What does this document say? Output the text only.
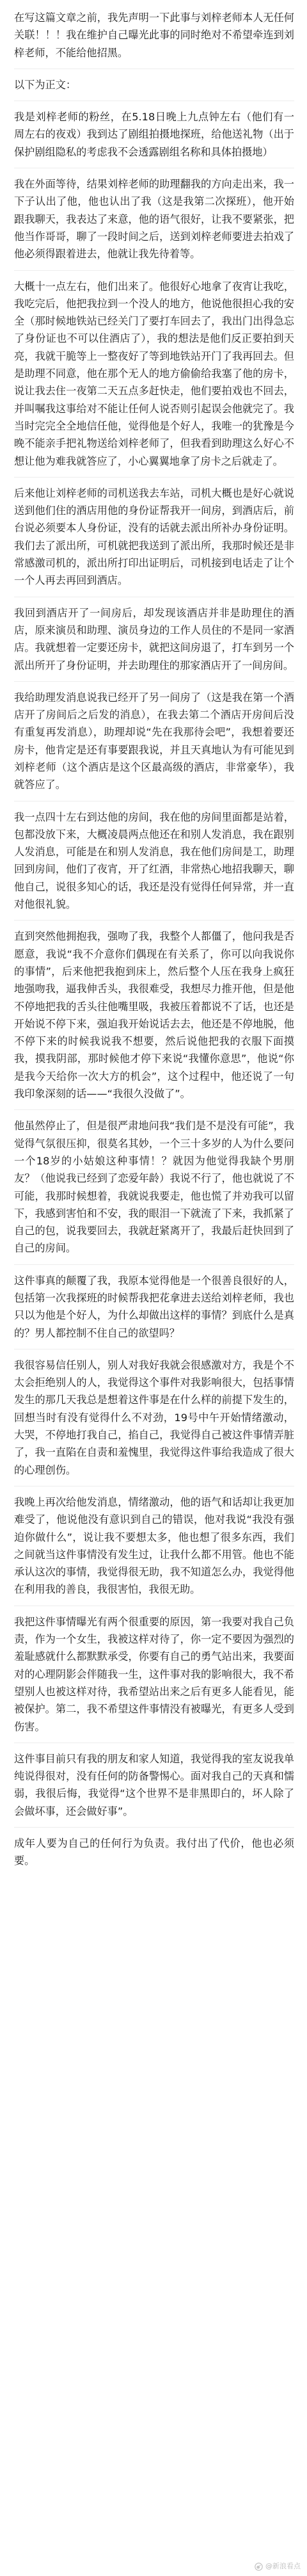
在写这篇文章之前，我先声明一下此事与刘梓老师本人无任何关联！！！我在维护自己曝光此事的同时绝对不希望牵连到刘梓老师，不能给他招黑。

以下为正文：

我是刘梓老师的粉丝，在5.18日晚上九点钟左右（他们有一周左右的夜戏）我到达了剧组拍摄地探班，给他送礼物（出于保护剧组隐私的考虑我不会透露剧组名称和具体拍摄地）

我在外面等待，结果刘梓老师的助理翻我的方向走出来，我一下子认出了他，他也认出了我（这是我第二次探班），他开始跟我聊天，我表达了来意，他的语气很好，让我不要紧张，把他当作哥哥，聊了一段时间之后，送到刘梓老师要进去拍戏了他必须得跟着进去，他就让我先待着等。

大概十一点左右，他们出来了。他很好心地拿了夜宵让我吃，我吃完后，他把我拉到一个没人的地方，他说他很担心我的安全（那时候地铁站已经关门了要打车回去了，我出门出得急忘了身份证也不可以住酒店了），我的想法是他们反正要拍到天亮，我就干脆等上一整夜好了等到地铁站开门了我再回去。但是助理不同意，他在那个无人的地方偷偷给我塞了他的房卡，说让我去住一夜第二天五点多赶快走，他们要拍戏也不回去，并叫嘱我这事给对不能让任何人说否则引起误会他就完了。我当时完完全全地信任他，觉得他是个好人，我唯一的犹豫是今晚不能亲手把礼物送给刘梓老师了，但我看到助理这么好心不想让他为难我就答应了，小心翼翼地拿了房卡之后就走了。

后来他让刘梓老师的司机送我去车站，司机大概也是好心就说送到他们住的酒店用他的身份证帮我开一间房，到酒店后，前台说必须要本人身份证，没有的话就去派出所补办身份证明。我们去了派出所，可机就把我送到了派出所，我那时候还是非常感激司机的，派出所打印出证明后，司机接到电话走了让个一个人再去再回到酒店。

我回到酒店开了一间房后，却发现该酒店并非是助理住的酒店，原来演员和助理、演员身边的工作人员住的不是同一家酒店。我就想着一定要还房卡，就把这间房退了，打车到另一个派出所开了身份证明，并去助理住的那家酒店开了一间房间。

我给助理发消息说我已经开了另一间房了（这是我在第一个酒店开了房间后之后发的消息），在我去第二个酒店开房间后没有重复再发消息），助理却说“先在我那待会吧”，我想着要还房卡，他肯定是还有事要跟我说，并且天真地认为有可能见到刘梓老师（这个酒店是这个区最高级的酒店，非常豪华），我就答应了。

我一点四十左右到达他的房间，我在他的房间里面都是站着，包都没放下来，大概凌晨两点他还在和别人发消息，我在跟别人发消息，可能是在和别人发消息，我在他们房间是工，助理回到房间，他们了夜宵，开了红酒，非常热心地招我聊天，聊他自己，说很多知心的话，我还是没有觉得任何异常，并一直对他很礼貌。

直到突然他拥抱我，强吻了我，我整个人都僵了，他问我是否愿意，我说“我不介意你们偶现在有关系了，你可以向我说你的事情”，后来他把我抱到床上，然后整个人压在我身上疯狂地强吻我，逼我伸舌头，我很难受，我想尽力推开他，但是他不停地把我的舌头往他嘴里吸，我被压着都说不了话，也还是开始说不停下来，强迫我开始说话去去，他还是不停地脱，他不停下来的时候我说我不想要，然后说他把我的衣服下面摸我，摸我阴部，那时候他才停下来说“我懂你意思”，他说“你是我今天给你一次大方的机会”，这个过程中，他还说了一句我印象深刻的话——“我很久没做了”。

他虽然停止了，但是很严肃地问我“我们是不是没有可能”，我觉得气氛很压抑，很莫名其妙，一个三十多岁的人为什么要问一个18岁的小姑娘这种事情！？就因为他觉得我缺个男朋友？（他说我已经到了恋爱年龄）我说不行了，他也就说了不可能，我那时候想着，我就说我要走，他也慌了并劝我可以留下，我感到害怕和不安，我的眼泪一下就流了下来，我抓紧了自己的包，说我要回去，我就赶紧离开了，我最后赶快回到了自己的房间。

这件事真的颠覆了我，我原本觉得他是一个很善良很好的人，包括第一次我探班的时候帮我把花拿进去送给刘梓老师，我也只以为他是个好人，为什么却做出这样的事情？到底什么是真的？男人都控制不住自己的欲望吗？

我很容易信任别人，别人对我好我就会很感激对方，我是个不太会拒绝别人的人，我觉得这个事件对我影响很大，包括事情发生的那几天我总是想着这件事是在什么样的前提下发生的，回想当时有没有觉得什么不对劲，19号中午开始情绪激动，大哭，不停地打我自己，掐自己，我觉得自己被这件事情弄脏了，我一直陷在自责和羞愧里，我觉得这件事给我造成了很大的心理创伤。

我晚上再次给他发消息，情绪激动，他的语气和话却让我更加难受了，他说他没有意识到自己的错误，他对我说“我没有强迫你做什么”，说让我不要想太多，他也想了很多东西，我们之间就当这件事情没有发生过，让我什么都不用管。他也不能承认这次的事情，我觉得很无助，我不知道怎么办，我觉得他在利用我的善良，我很害怕，我很无助。

我把这件事情曝光有两个很重要的原因，第一我要对我自己负责，作为一个女生，我被这样对待了，你一定不要因为强烈的羞耻感就什么都默默承受，你要有自己的勇气站出来，我要面对的心理阴影会伴随我一生，这件事对我的影响很大，我不希望别人也被这样对待，我希望站出来之后有更多人能看见，能被保护。第二，我不希望这件事情没有被曝光，有更多人受到伤害。

这件事目前只有我的朋友和家人知道，我觉得我的室友说我单纯说得很对，没有任何的防备警惕心。面对我自己的天真和懦弱，我很后悔，我觉得“这个世界不是非黑即白的，坏人除了会做坏事，还会做好事”。

成年人要为自己的任何行为负责。我付出了代价，他也必须要。

@新浪看点
